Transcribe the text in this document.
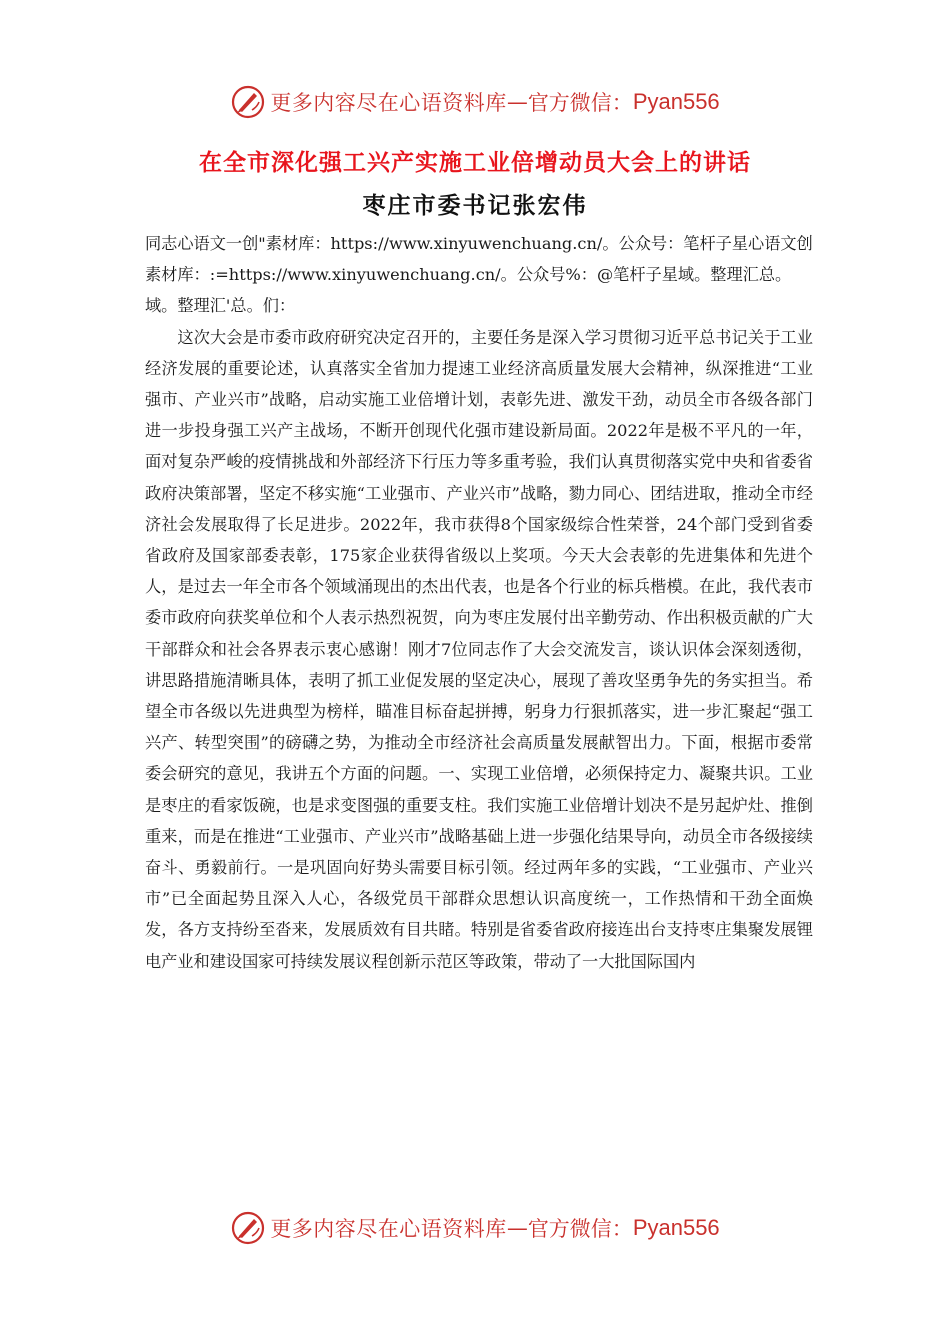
更多内容尽在心语资料库 — 官方微信： Pyan556
在全市深化强工兴产实施工业倍增动员大会上的讲话
枣庄市委书记张宏伟

同志心语文一创"素材库：https://www.xinyuwenchuang.cn/。公众号：笔杆子星心语文创素材库：:=https://www.xinyuwenchuang.cn/。公众号%：@笔杆子星域。整理汇总。域。整理汇'总。们：

这次大会是市委市政府研究决定召开的，主要任务是深入学习贯彻习近平总书记关于工业经济发展的重要论述，认真落实全省加力提速工业经济高质量发展大会精神，纵深推进“工业强市、产业兴市”战略，启动实施工业倍增计划，表彰先进、激发干劲，动员全市各级各部门进一步投身强工兴产主战场，不断开创现代化强市建设新局面。2022年是极不平凡的一年，面对复杂严峻的疫情挑战和外部经济下行压力等多重考验，我们认真贯彻落实党中央和省委省政府决策部署，坚定不移实施“工业强市、产业兴市”战略，勠力同心、团结进取，推动全市经济社会发展取得了长足进步。2022年，我市获得8个国家级综合性荣誉，24个部门受到省委省政府及国家部委表彰，175家企业获得省级以上奖项。今天大会表彰的先进集体和先进个人，是过去一年全市各个领域涌现出的杰出代表，也是各个行业的标兵楷模。在此，我代表市委市政府向获奖单位和个人表示热烈祝贺，向为枣庄发展付出辛勤劳动、作出积极贡献的广大干部群众和社会各界表示衷心感谢！刚才7位同志作了大会交流发言，谈认识体会深刻透彻，讲思路措施清晰具体，表明了抓工业促发展的坚定决心，展现了善攻坚勇争先的务实担当。希望全市各级以先进典型为榜样，瞄准目标奋起拼搏，躬身力行狠抓落实，进一步汇聚起“强工兴产、转型突围”的磅礴之势，为推动全市经济社会高质量发展献智出力。下面，根据市委常委会研究的意见，我讲五个方面的问题。一、实现工业倍增，必须保持定力、凝聚共识。工业是枣庄的看家饭碗，也是求变图强的重要支柱。我们实施工业倍增计划决不是另起炉灶、推倒重来，而是在推进“工业强市、产业兴市”战略基础上进一步强化结果导向，动员全市各级接续奋斗、勇毅前行。一是巩固向好势头需要目标引领。经过两年多的实践，“工业强市、产业兴市”已全面起势且深入人心，各级党员干部群众思想认识高度统一，工作热情和干劲全面焕发，各方支持纷至沓来，发展质效有目共睹。特别是省委省政府接连出台支持枣庄集聚发展锂电产业和建设国家可持续发展议程创新示范区等政策，带动了一大批国际国内

更多内容尽在心语资料库 — 官方微信： Pyan556
